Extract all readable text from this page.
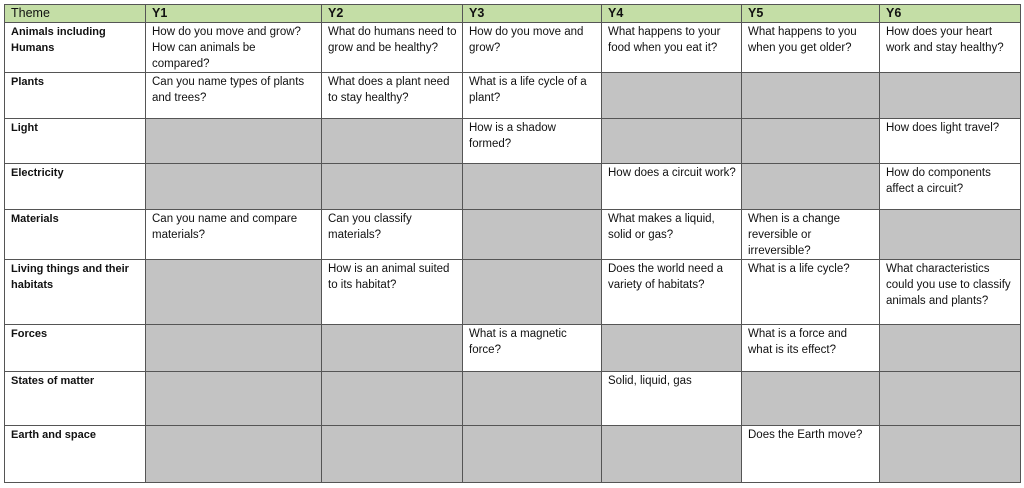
Theme	Y1	Y2	Y3	Y4	Y5	Y6
Animals including Humans	How do you move and grow? How can animals be compared?	What do humans need to grow and be healthy?	How do you move and grow?	What happens to your food when you eat it?	What happens to you when you get older?	How does your heart work and stay healthy?
Plants	Can you name types of plants and trees?	What does a plant need to stay healthy?	What is a life cycle of a plant?			
Light			How is a shadow formed?			How does light travel?
Electricity				How does a circuit work?		How do components affect a circuit?
Materials	Can you name and compare materials?	Can you classify materials?		What makes a liquid, solid or gas?	When is a change reversible or irreversible?	
Living things and their habitats		How is an animal suited to its habitat?		Does the world need a variety of habitats?	What is a life cycle?	What characteristics could you use to classify animals and plants?
Forces			What is a magnetic force?		What is a force and what is its effect?	
States of matter				Solid, liquid, gas		
Earth and space					Does the Earth move?	
